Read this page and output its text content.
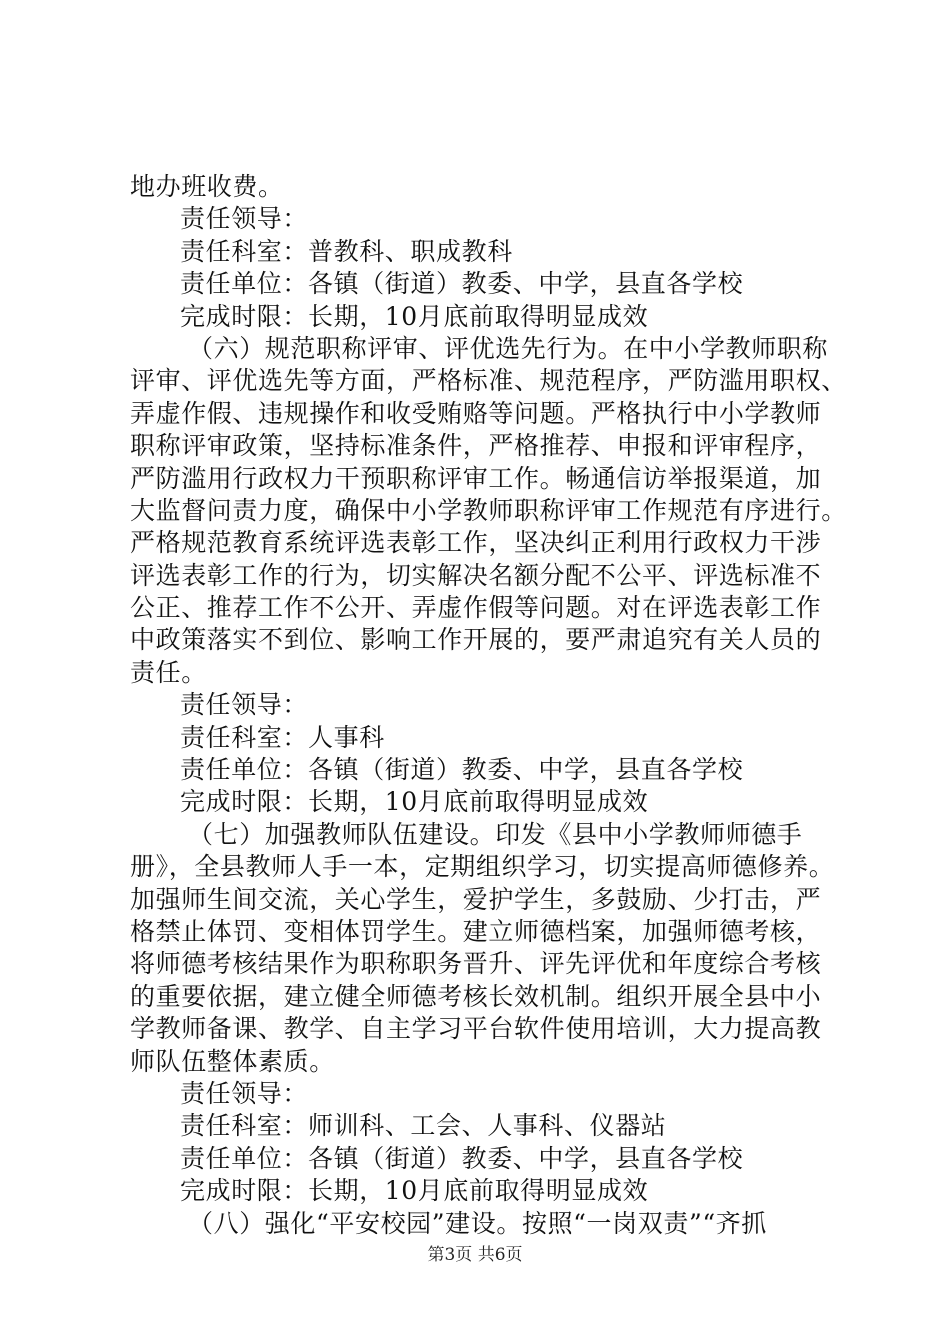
地办班收费。
责任领导：
责任科室：普教科、职成教科
责任单位：各镇（街道）教委、中学，县直各学校
完成时限：长期，10月底前取得明显成效
（六）规范职称评审、评优选先行为。在中小学教师职称
评审、评优选先等方面，严格标准、规范程序，严防滥用职权、
弄虚作假、违规操作和收受贿赂等问题。严格执行中小学教师
职称评审政策，坚持标准条件，严格推荐、申报和评审程序，
严防滥用行政权力干预职称评审工作。畅通信访举报渠道，加
大监督问责力度，确保中小学教师职称评审工作规范有序进行。
严格规范教育系统评选表彰工作，坚决纠正利用行政权力干涉
评选表彰工作的行为，切实解决名额分配不公平、评选标准不
公正、推荐工作不公开、弄虚作假等问题。对在评选表彰工作
中政策落实不到位、影响工作开展的，要严肃追究有关人员的
责任。
责任领导：
责任科室：人事科
责任单位：各镇（街道）教委、中学，县直各学校
完成时限：长期，10月底前取得明显成效
（七）加强教师队伍建设。印发《县中小学教师师德手
册》，全县教师人手一本，定期组织学习，切实提高师德修养。
加强师生间交流，关心学生，爱护学生，多鼓励、少打击，严
格禁止体罚、变相体罚学生。建立师德档案，加强师德考核，
将师德考核结果作为职称职务晋升、评先评优和年度综合考核
的重要依据，建立健全师德考核长效机制。组织开展全县中小
学教师备课、教学、自主学习平台软件使用培训，大力提高教
师队伍整体素质。
责任领导：
责任科室：师训科、工会、人事科、仪器站
责任单位：各镇（街道）教委、中学，县直各学校
完成时限：长期，10月底前取得明显成效
（八）强化“平安校园”建设。按照“一岗双责”“齐抓
第3页 共6页
